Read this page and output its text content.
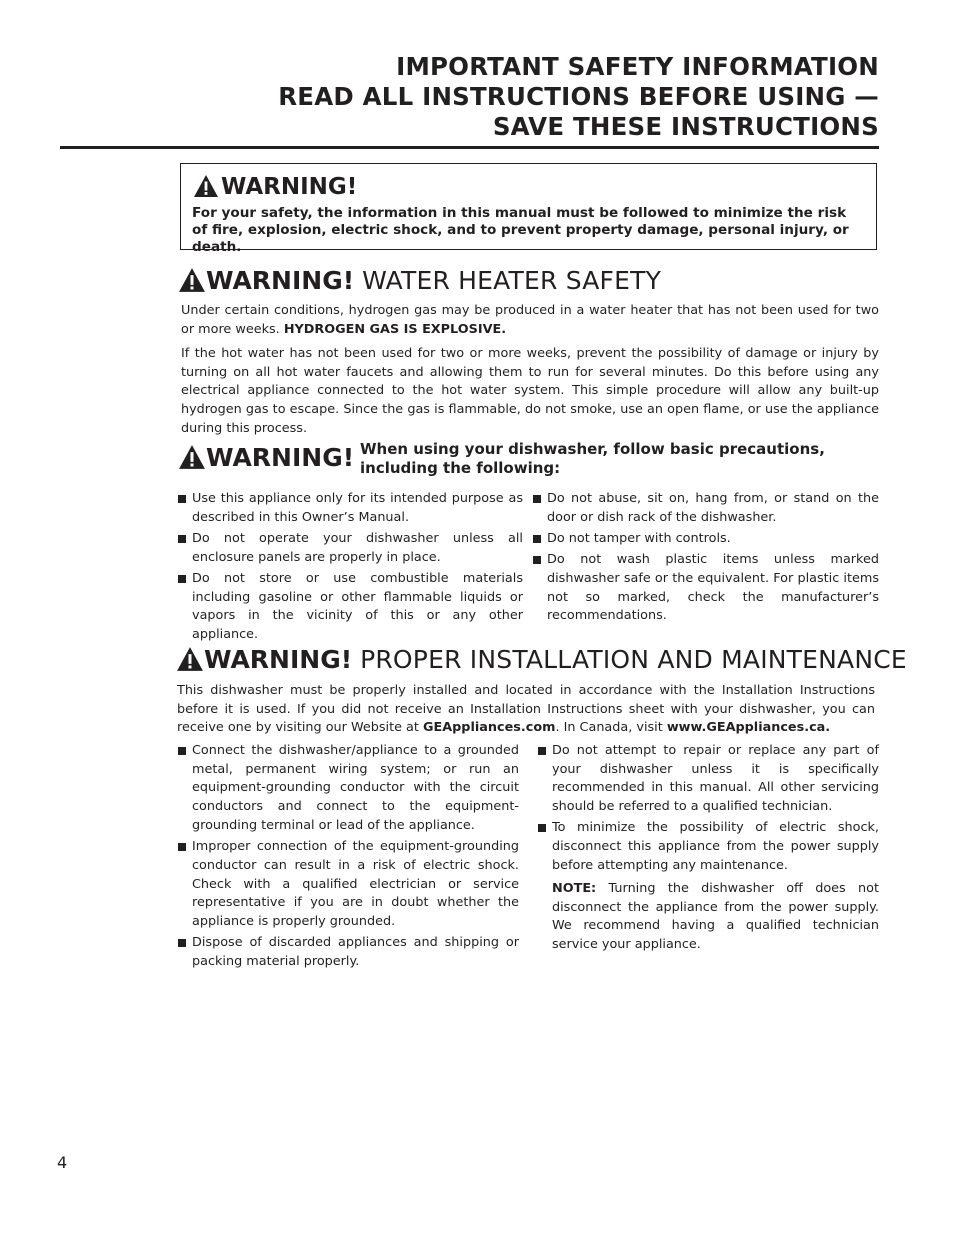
IMPORTANT SAFETY INFORMATION
READ ALL INSTRUCTIONS BEFORE USING —
SAVE THESE INSTRUCTIONS
WARNING!
For your safety, the information in this manual must be followed to minimize the risk of fire, explosion, electric shock, and to prevent property damage, personal injury, or death.
WARNING! WATER HEATER SAFETY
Under certain conditions, hydrogen gas may be produced in a water heater that has not been used for two or more weeks. HYDROGEN GAS IS EXPLOSIVE.
If the hot water has not been used for two or more weeks, prevent the possibility of damage or injury by turning on all hot water faucets and allowing them to run for several minutes. Do this before using any electrical appliance connected to the hot water system. This simple procedure will allow any built-up hydrogen gas to escape. Since the gas is flammable, do not smoke, use an open flame, or use the appliance during this process.
WARNING! When using your dishwasher, follow basic precautions,
including the following:
Use this appliance only for its intended purpose as described in this Owner’s Manual.
Do not operate your dishwasher unless all enclosure panels are properly in place.
Do not store or use combustible materials including gasoline or other flammable liquids or vapors in the vicinity of this or any other appliance.
Do not abuse, sit on, hang from, or stand on the door or dish rack of the dishwasher.
Do not tamper with controls.
Do not wash plastic items unless marked dishwasher safe or the equivalent. For plastic items not so marked, check the manufacturer’s recommendations.
WARNING! PROPER INSTALLATION AND MAINTENANCE
This dishwasher must be properly installed and located in accordance with the Installation Instructions before it is used. If you did not receive an Installation Instructions sheet with your dishwasher, you can receive one by visiting our Website at GEAppliances.com. In Canada, visit www.GEAppliances.ca.
Connect the dishwasher/appliance to a grounded metal, permanent wiring system; or run an equipment-grounding conductor with the circuit conductors and connect to the equipment-grounding terminal or lead of the appliance.
Improper connection of the equipment-grounding conductor can result in a risk of electric shock. Check with a qualified electrician or service representative if you are in doubt whether the appliance is properly grounded.
Dispose of discarded appliances and shipping or packing material properly.
Do not attempt to repair or replace any part of your dishwasher unless it is specifically recommended in this manual. All other servicing should be referred to a qualified technician.
To minimize the possibility of electric shock, disconnect this appliance from the power supply before attempting any maintenance.
NOTE: Turning the dishwasher off does not disconnect the appliance from the power supply. We recommend having a qualified technician service your appliance.
4
